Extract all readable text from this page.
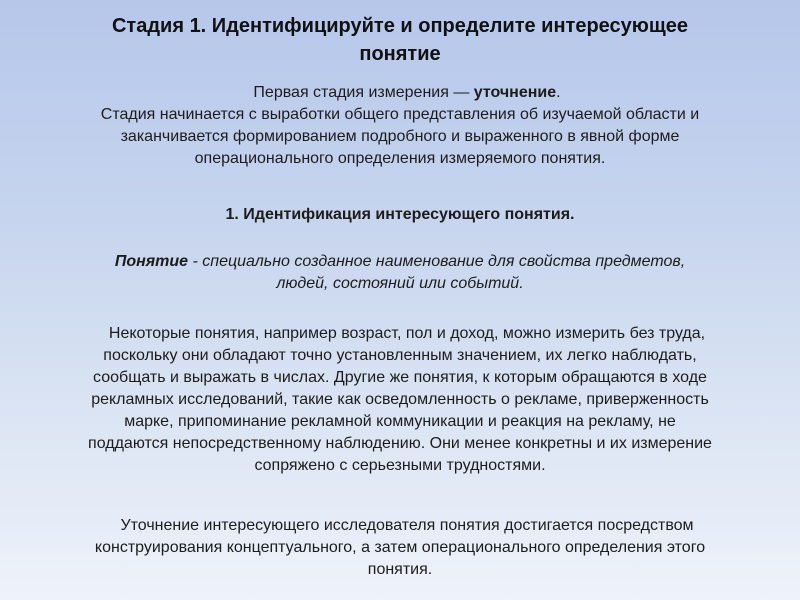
Стадия 1. Идентифицируйте и определите интересующее
понятие
Первая стадия измерения — уточнение.
Стадия начинается с выработки общего представления об изучаемой области и
заканчивается формированием подробного и выраженного в явной форме
операционального определения измеряемого понятия.
1. Идентификация интересующего понятия.
Понятие - специально созданное наименование для свойства предметов,
людей, состояний или событий.
Некоторые понятия, например возраст, пол и доход, можно измерить без труда,
поскольку они обладают точно установленным значением, их легко наблюдать,
сообщать и выражать в числах. Другие же понятия, к которым обращаются в ходе
рекламных исследований, такие как осведомленность о рекламе, приверженность
марке, припоминание рекламной коммуникации и реакция на рекламу, не
поддаются непосредственному наблюдению. Они менее конкретны и их измерение
сопряжено с серьезными трудностями.
Уточнение интересующего исследователя понятия достигается посредством
конструирования концептуального, а затем операционального определения этого
понятия.
